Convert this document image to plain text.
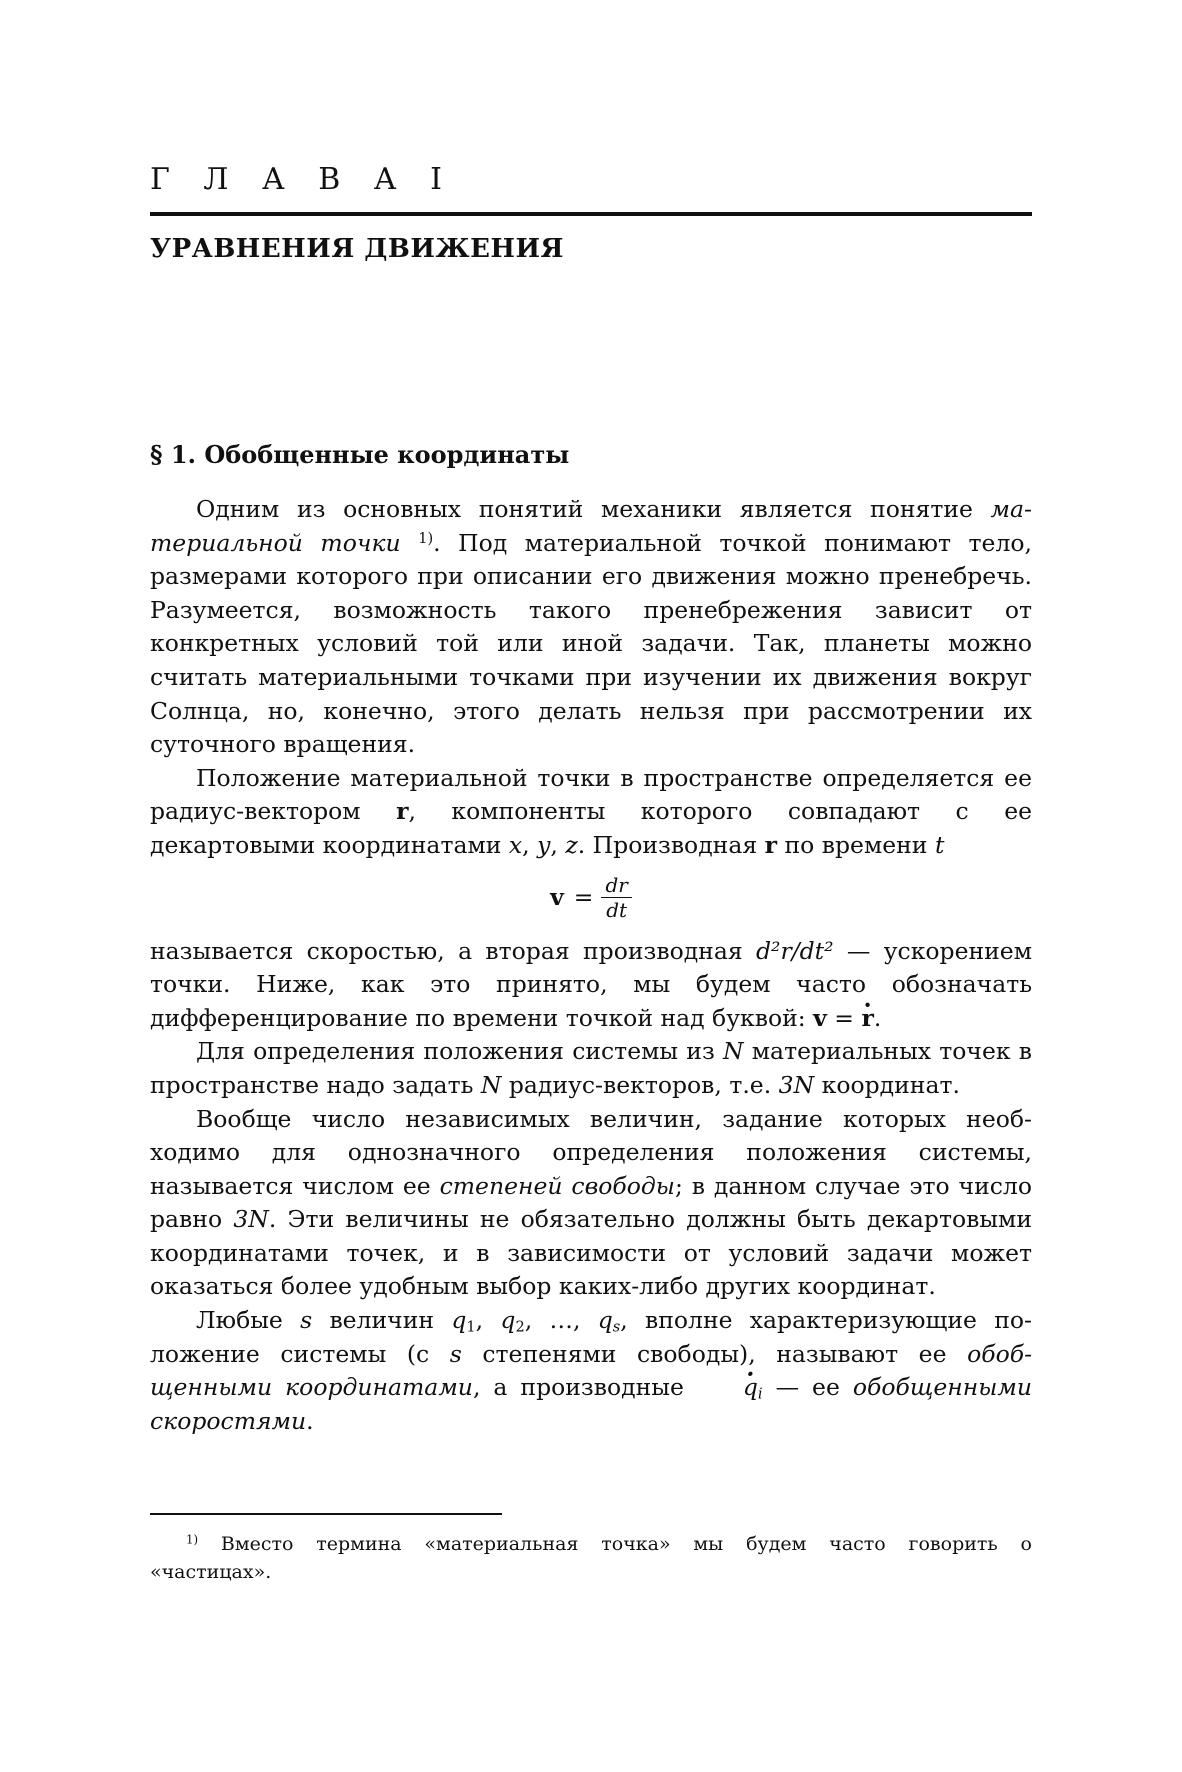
Г Л А В А I
УРАВНЕНИЯ ДВИЖЕНИЯ
§ 1. Обобщенные координаты

Одним из основных понятий механики является понятие материальной точки $^{1)}$. Под материальной точкой понимают тело, размерами которого при описании его движения можно пренебречь. Разумеется, возможность такого пренебрежения зависит от конкретных условий той или иной задачи. Так, планеты можно считать материальными точками при изучении их движения вокруг Солнца, но, конечно, этого делать нельзя при рассмотрении их суточного вращения.

Положение материальной точки в пространстве определяется ее радиус-вектором r, компоненты которого совпадают с ее декартовыми координатами x, y, z. Производная r по времени t

$v = \frac{dr}{dt}$

называется скоростью, а вторая производная d²r/dt² — ускорением точки. Ниже, как это принято, мы будем часто обозначать дифференцирование по времени точкой над буквой: v = r ·.

Для определения положения системы из N материальных точек в пространстве надо задать N радиус-векторов, т.е. 3N координат.

Вообще число независимых величин, задание которых необходимо для однозначного определения положения системы, называется числом ее степеней свободы; в данном случае это число равно 3N. Эти величины не обязательно должны быть декартовыми координатами точек, и в зависимости от условий задачи может оказаться более удобным выбор каких-либо других координат.

Любые s величин $q_1$, $q_2$, …, $q_s$, вполне характеризующие положение системы (с s степенями свободы), называют ее обобщенными координатами, а производные $q \cdot_i$ — ее обобщенными скоростями.

$^{1)}$ Вместо термина «материальная точка» мы будем часто говорить о «частицах».
